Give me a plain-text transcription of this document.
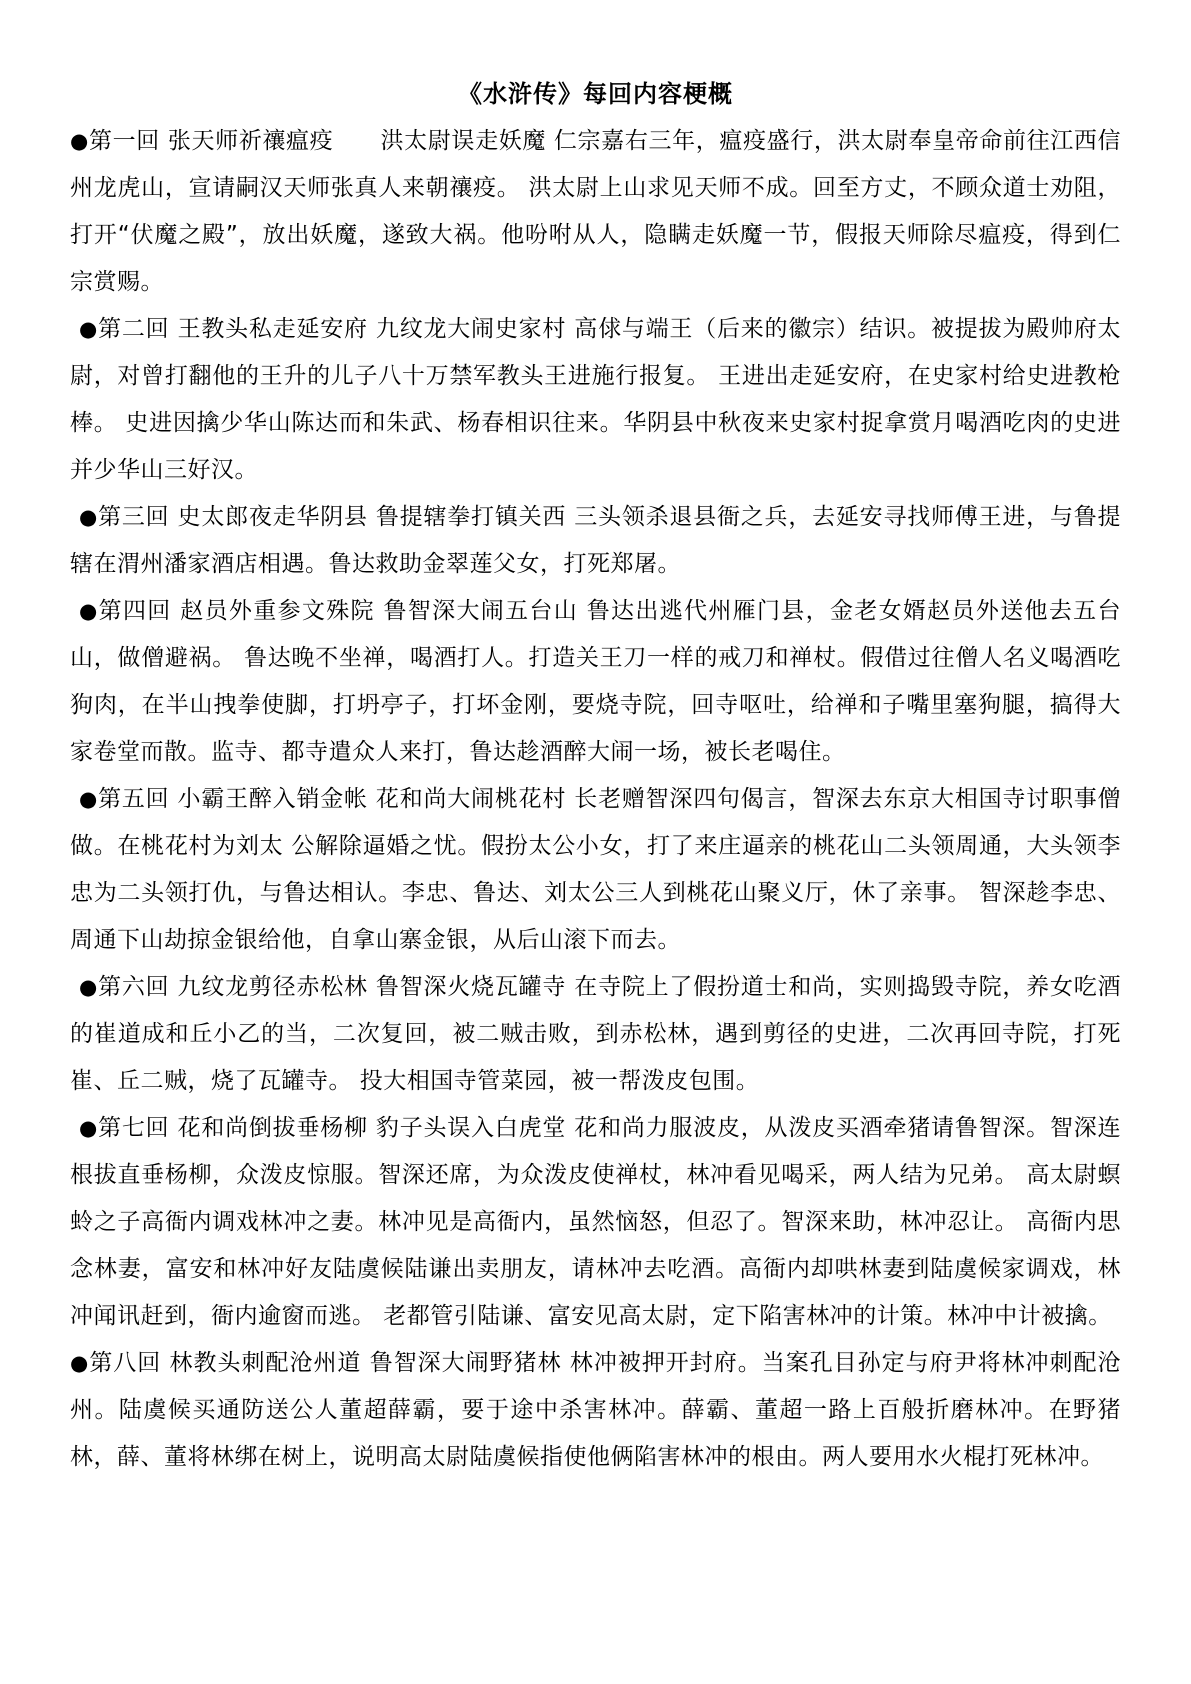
《水浒传》每回内容梗概

●第一回 张天师祈禳瘟疫　　洪太尉误走妖魔 仁宗嘉右三年，瘟疫盛行，洪太尉奉皇帝命前往江西信州龙虎山，宣请嗣汉天师张真人来朝禳疫。 洪太尉上山求见天师不成。回至方丈，不顾众道士劝阻，打开“伏魔之殿”，放出妖魔，遂致大祸。他吩咐从人，隐瞒走妖魔一节，假报天师除尽瘟疫，得到仁宗赏赐。

●第二回 王教头私走延安府 九纹龙大闹史家村 高俅与端王（后来的徽宗）结识。被提拔为殿帅府太尉，对曾打翻他的王升的儿子八十万禁军教头王进施行报复。 王进出走延安府，在史家村给史进教枪棒。 史进因擒少华山陈达而和朱武、杨春相识往来。华阴县中秋夜来史家村捉拿赏月喝酒吃肉的史进并少华山三好汉。

●第三回 史太郎夜走华阴县 鲁提辖拳打镇关西 三头领杀退县衙之兵，去延安寻找师傅王进，与鲁提辖在渭州潘家酒店相遇。鲁达救助金翠莲父女，打死郑屠。

●第四回 赵员外重参文殊院 鲁智深大闹五台山 鲁达出逃代州雁门县，金老女婿赵员外送他去五台山，做僧避祸。 鲁达晚不坐禅，喝酒打人。打造关王刀一样的戒刀和禅杖。假借过往僧人名义喝酒吃狗肉，在半山拽拳使脚，打坍亭子，打坏金刚，要烧寺院，回寺呕吐，给禅和子嘴里塞狗腿，搞得大家卷堂而散。监寺、都寺遣众人来打，鲁达趁酒醉大闹一场，被长老喝住。

●第五回 小霸王醉入销金帐 花和尚大闹桃花村 长老赠智深四句偈言，智深去东京大相国寺讨职事僧做。在桃花村为刘太 公解除逼婚之忧。假扮太公小女，打了来庄逼亲的桃花山二头领周通，大头领李忠为二头领打仇，与鲁达相认。李忠、鲁达、刘太公三人到桃花山聚义厅，休了亲事。 智深趁李忠、周通下山劫掠金银给他，自拿山寨金银，从后山滚下而去。

●第六回 九纹龙剪径赤松林 鲁智深火烧瓦罐寺 在寺院上了假扮道士和尚，实则捣毁寺院，养女吃酒的崔道成和丘小乙的当，二次复回，被二贼击败，到赤松林，遇到剪径的史进，二次再回寺院，打死崔、丘二贼，烧了瓦罐寺。 投大相国寺管菜园，被一帮泼皮包围。

●第七回 花和尚倒拔垂杨柳 豹子头误入白虎堂 花和尚力服波皮，从泼皮买酒牵猪请鲁智深。智深连根拔直垂杨柳，众泼皮惊服。智深还席，为众泼皮使禅杖，林冲看见喝采，两人结为兄弟。 高太尉螟蛉之子高衙内调戏林冲之妻。林冲见是高衙内，虽然恼怒，但忍了。智深来助，林冲忍让。 高衙内思念林妻，富安和林冲好友陆虞候陆谦出卖朋友，请林冲去吃酒。高衙内却哄林妻到陆虞候家调戏，林冲闻讯赶到，衙内逾窗而逃。 老都管引陆谦、富安见高太尉，定下陷害林冲的计策。林冲中计被擒。

●第八回 林教头刺配沧州道 鲁智深大闹野猪林 林冲被押开封府。当案孔目孙定与府尹将林冲刺配沧州。陆虞候买通防送公人董超薛霸，要于途中杀害林冲。薛霸、董超一路上百般折磨林冲。在野猪林，薛、董将林绑在树上，说明高太尉陆虞候指使他俩陷害林冲的根由。两人要用水火棍打死林冲。
